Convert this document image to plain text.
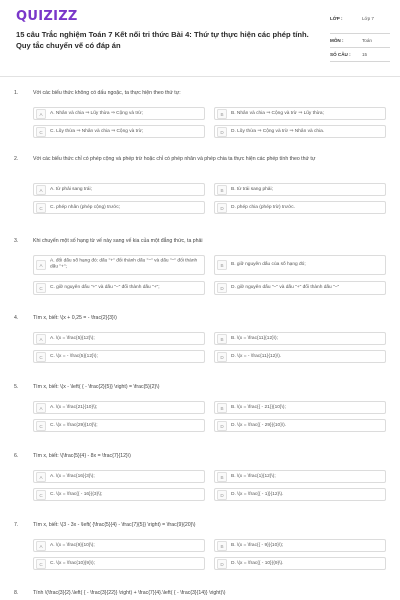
QUIZIZZ
15 câu Trắc nghiệm Toán 7 Kết nối tri thức Bài 4: Thứ tự thực hiện các phép tính. Quy tắc chuyển vế có đáp án
LỚP :	Lớp 7
MÔN :	Toán
SỐ CÂU :	15
1.	Với các biểu thức không có dấu ngoặc, ta thực hiện theo thứ tự:
A	A. Nhân và chia ⇒ Lũy thừa ⇒ Cộng và trừ;	B	B. Nhân và chia ⇒ Cộng và trừ ⇒ Lũy thừa;
C	C. Lũy thừa ⇒ Nhân và chia ⇒ Cộng và trừ;	D	D. Lũy thừa ⇒ Cộng và trừ ⇒ Nhân và chia.
2.	Với các biểu thức chỉ có phép cộng và phép trừ hoặc chỉ có phép nhân và phép chia ta thực hiện các phép tính theo thứ tự
A	A. từ phải sang trái;	B	B. từ trái sang phải;
C	C. phép nhân (phép cộng) trước;	D	D. phép chia (phép trừ) trước.
3.	Khi chuyển một số hạng từ vế này sang vế kia của một đẳng thức, ta phải
A
A. đổi dấu số hạng đó: dấu "+" đổi thành dấu "−" và dấu "−" đổi thành dấu "+";	B	B. giữ nguyên dấu của số hạng đó;
C	C. giữ nguyên dấu "+" và dấu "−" đổi thành dấu "+";	D	D. giữ nguyên dấu "−" và dấu "+" đổi thành dấu "−"
4.	Tìm x, biết: \(x + 0,25 = - \frac{2}{3}\)
A	A. \(x = \frac{5}{12}\);	B	B. \(x = \frac{11}{12}\);
C	C. \(x = - \frac{5}{12}\);	D	D. \(x = - \frac{11}{12}\).
5.	Tìm x, biết: \(x - \left( { - \frac{2}{5}} \right) = \frac{5}{2}\)
A	A. \(x = \frac{21}{10}\);	B	B. \(x = \frac{{ - 21}}{10}\);
C	C. \(x = \frac{29}{10}\);	D	D. \(x = \frac{{ - 29}}{10}\).
6.	Tìm x, biết: \(\frac{5}{4} - 8x = \frac{7}{12}\)
A	A. \(x = \frac{16}{3}\);	B	B. \(x = \frac{1}{12}\);
C	C. \(x = \frac{{ - 16}}{3}\);	D	D. \(x = \frac{{ - 1}}{12}\).
7.	Tìm x, biết: \(3 - 3x - \left( {\frac{5}{4} - \frac{7}{5}} \right) = \frac{9}{20}\)
A	A. \(x = \frac{9}{10}\);	B	B. \(x = \frac{{ - 9}}{10}\);
C	C. \(x = \frac{10}{9}\);	D	D. \(x = \frac{{ - 10}}{9}\).
8.	Tính \(\frac{3}{2}.\left( { - \frac{3}{22}} \right) + \frac{7}{4}.\left( { - \frac{3}{14}} \right)\)
